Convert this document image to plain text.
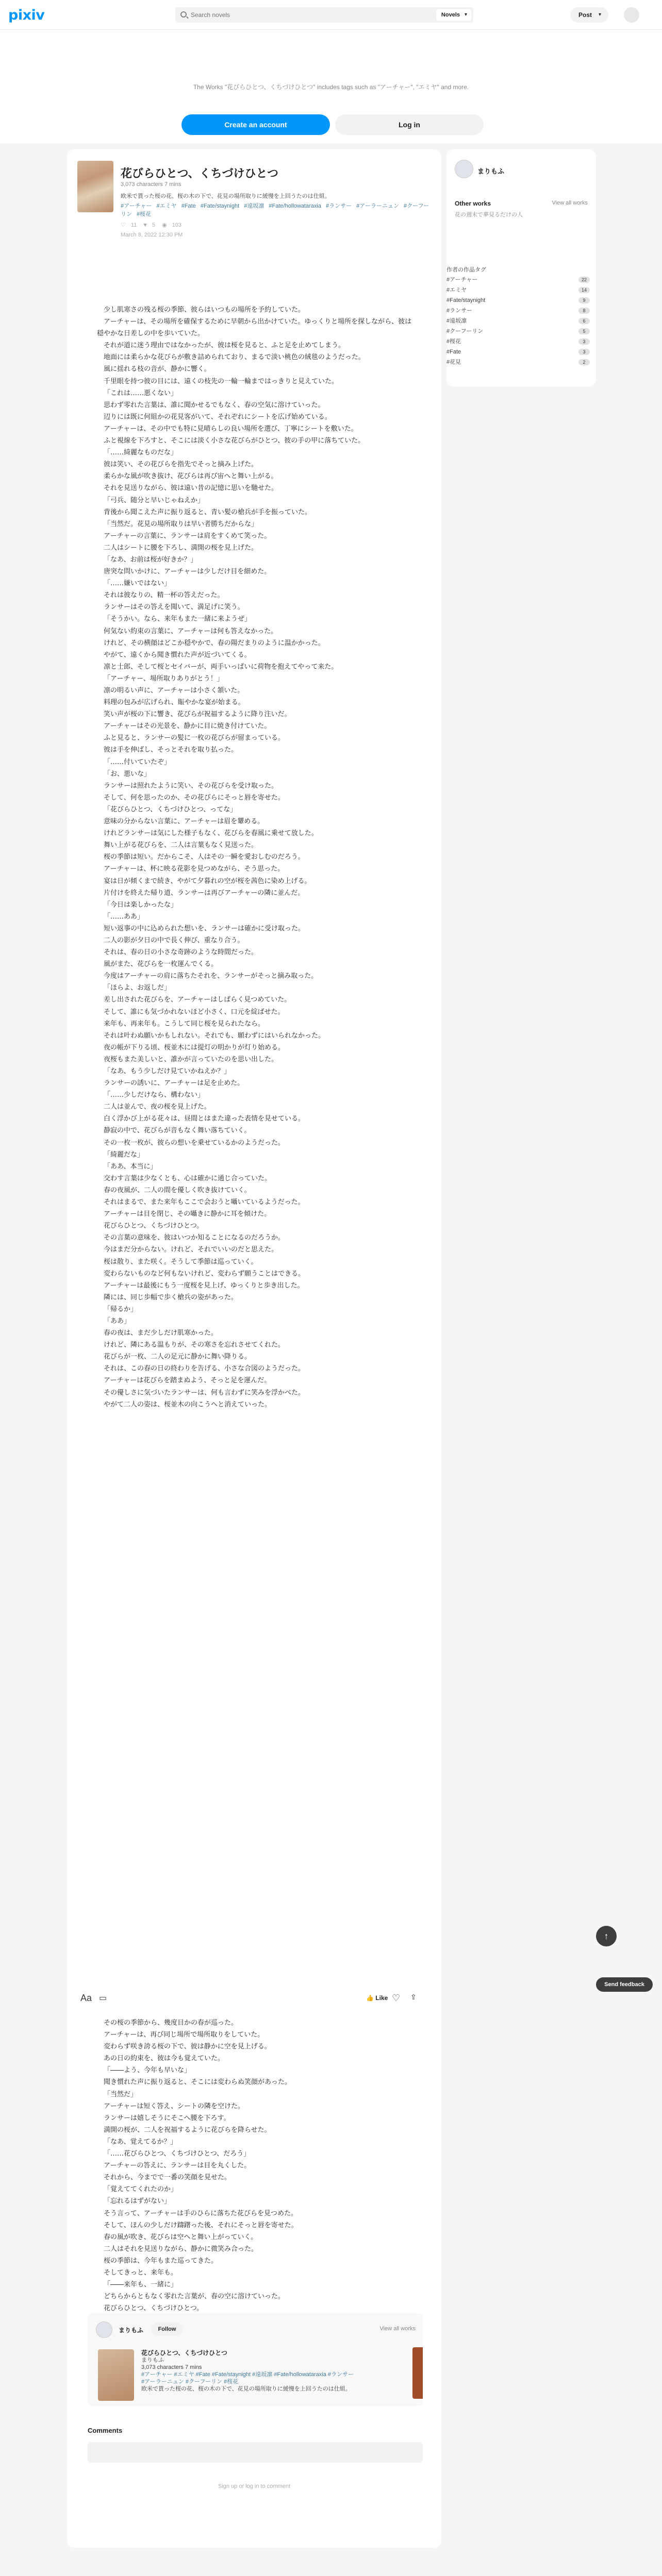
pixiv
Search novels	Novels ▾	Post ▾
The Works "花びらひとつ、くちづけひとつ" includes tags such as "アーチャー", "エミヤ" and more.
Create an account	Log in
花びらひとつ、くちづけひとつ
3,073 characters 7 mins
欧米で貰った桜の花、桜の木の下で、花見の場所取りに緩慢を上回うたのは仕組。
#アーチャー #エミヤ #Fate #Fate/staynight #遠坂凛 #Fate/hollowataraxia #ランサー #アーラーニュン #クーフーリン #桜花
♡ 11 ♥ 5 ◉ 103
March 8, 2022 12:30 PM

少し肌寒さの残る桜の季節、彼らはいつもの場所を予約していた。

アーチャーは、その場所を確保するために早朝から出かけていた。ゆっくりと場所を探しながら、彼は穏やかな日差しの中を歩いていた。

それが道に迷う理由ではなかったが、彼は桜を見ると、ふと足を止めてしまう。

地面には柔らかな花びらが敷き詰められており、まるで淡い桃色の絨毯のようだった。

風に揺れる枝の音が、静かに響く。

千里眼を持つ彼の目には、遠くの枝先の一輪一輪まではっきりと見えていた。

「これは……悪くない」

思わず零れた言葉は、誰に聞かせるでもなく、春の空気に溶けていった。

辺りには既に何組かの花見客がいて、それぞれにシートを広げ始めている。

アーチャーは、その中でも特に見晴らしの良い場所を選び、丁寧にシートを敷いた。

ふと視線を下ろすと、そこには淡く小さな花びらがひとつ、彼の手の甲に落ちていた。

「……綺麗なものだな」

彼は笑い、その花びらを指先でそっと摘み上げた。

柔らかな風が吹き抜け、花びらは再び宙へと舞い上がる。

それを見送りながら、彼は遠い昔の記憶に思いを馳せた。

「弓兵、随分と早いじゃねえか」

背後から聞こえた声に振り返ると、青い髪の槍兵が手を振っていた。

「当然だ。花見の場所取りは早い者勝ちだからな」

アーチャーの言葉に、ランサーは肩をすくめて笑った。

二人はシートに腰を下ろし、満開の桜を見上げた。

「なあ、お前は桜が好きか？」

唐突な問いかけに、アーチャーは少しだけ目を細めた。

「……嫌いではない」

それは彼なりの、精一杯の答えだった。

ランサーはその答えを聞いて、満足げに笑う。

「そうかい。なら、来年もまた一緒に来ようぜ」

何気ない約束の言葉に、アーチャーは何も答えなかった。

けれど、その横顔はどこか穏やかで、春の陽だまりのように温かかった。

やがて、遠くから聞き慣れた声が近づいてくる。

凛と士郎、そして桜とセイバーが、両手いっぱいに荷物を抱えてやって来た。

「アーチャー、場所取りありがとう！」

凛の明るい声に、アーチャーは小さく頷いた。

料理の包みが広げられ、賑やかな宴が始まる。

笑い声が桜の下に響き、花びらが祝福するように降り注いだ。

アーチャーはその光景を、静かに目に焼き付けていた。

ふと見ると、ランサーの髪に一枚の花びらが留まっている。

彼は手を伸ばし、そっとそれを取り払った。

「……付いていたぞ」

「お、悪いな」

ランサーは照れたように笑い、その花びらを受け取った。

そして、何を思ったのか、その花びらにそっと唇を寄せた。

「花びらひとつ、くちづけひとつ、ってな」

意味の分からない言葉に、アーチャーは眉を顰める。

けれどランサーは気にした様子もなく、花びらを春風に乗せて放した。

舞い上がる花びらを、二人は言葉もなく見送った。

桜の季節は短い。だからこそ、人はその一瞬を愛おしむのだろう。

アーチャーは、杯に映る花影を見つめながら、そう思った。

宴は日が傾くまで続き、やがて夕暮れの空が桜を茜色に染め上げる。

片付けを終えた帰り道、ランサーは再びアーチャーの隣に並んだ。

「今日は楽しかったな」

「……ああ」

短い返事の中に込められた想いを、ランサーは確かに受け取った。

二人の影が夕日の中で長く伸び、重なり合う。

それは、春の日の小さな奇跡のような時間だった。

風がまた、花びらを一枚運んでくる。

今度はアーチャーの肩に落ちたそれを、ランサーがそっと摘み取った。

「ほらよ、お返しだ」

差し出された花びらを、アーチャーはしばらく見つめていた。

そして、誰にも気づかれないほど小さく、口元を綻ばせた。

来年も、再来年も。こうして同じ桜を見られたなら。

それは叶わぬ願いかもしれない。それでも、願わずにはいられなかった。

夜の帳が下りる頃、桜並木には提灯の明かりが灯り始める。

夜桜もまた美しいと、誰かが言っていたのを思い出した。

「なあ、もう少しだけ見ていかねえか？」

ランサーの誘いに、アーチャーは足を止めた。

「……少しだけなら、構わない」

二人は並んで、夜の桜を見上げた。

白く浮かび上がる花々は、昼間とはまた違った表情を見せている。

静寂の中で、花びらが音もなく舞い落ちていく。

その一枚一枚が、彼らの想いを乗せているかのようだった。

「綺麗だな」

「ああ、本当に」

交わす言葉は少なくとも、心は確かに通じ合っていた。

春の夜風が、二人の間を優しく吹き抜けていく。

それはまるで、また来年もここで会おうと囁いているようだった。

アーチャーは目を閉じ、その囁きに静かに耳を傾けた。

花びらひとつ、くちづけひとつ。

その言葉の意味を、彼はいつか知ることになるのだろうか。

今はまだ分からない。けれど、それでいいのだと思えた。

桜は散り、また咲く。そうして季節は巡っていく。

変わらないものなど何もないけれど、変わらず願うことはできる。

アーチャーは最後にもう一度桜を見上げ、ゆっくりと歩き出した。

隣には、同じ歩幅で歩く槍兵の姿があった。

「帰るか」

「ああ」

春の夜は、まだ少しだけ肌寒かった。

けれど、隣にある温もりが、その寒さを忘れさせてくれた。

花びらが一枚、二人の足元に静かに舞い降りる。

それは、この春の日の終わりを告げる、小さな合図のようだった。

アーチャーは花びらを踏まぬよう、そっと足を運んだ。

その優しさに気づいたランサーは、何も言わずに笑みを浮かべた。

やがて二人の姿は、桜並木の向こうへと消えていった。

Aa ▭	👍 Like ♡ ⇪

その桜の季節から、幾度目かの春が巡った。

アーチャーは、再び同じ場所で場所取りをしていた。

変わらず咲き誇る桜の下で、彼は静かに空を見上げる。

あの日の約束を、彼は今も覚えていた。

「――よう、今年も早いな」

聞き慣れた声に振り返ると、そこには変わらぬ笑顔があった。

「当然だ」

アーチャーは短く答え、シートの隣を空けた。

ランサーは嬉しそうにそこへ腰を下ろす。

満開の桜が、二人を祝福するように花びらを降らせた。

「なあ、覚えてるか？」

「……花びらひとつ、くちづけひとつ、だろう」

アーチャーの答えに、ランサーは目を丸くした。

それから、今までで一番の笑顔を見せた。

「覚えててくれたのか」

「忘れるはずがない」

そう言って、アーチャーは手のひらに落ちた花びらを見つめた。

そして、ほんの少しだけ躊躇った後、それにそっと唇を寄せた。

春の風が吹き、花びらは空へと舞い上がっていく。

二人はそれを見送りながら、静かに微笑み合った。

桜の季節は、今年もまた巡ってきた。

そしてきっと、来年も。

「――来年も、一緒に」

どちらからともなく零れた言葉が、春の空に溶けていった。

花びらひとつ、くちづけひとつ。

まりもふ	Follow	View all works
花びらひとつ、くちづけひとつ
まりもふ
3,073 characters 7 mins
#アーチャー #エミヤ #Fate #Fate/staynight #遠坂凛 #Fate/hollowataraxia #ランサー #アーラーニュン #クーフーリン #桜花
欧米で貰った桜の花、桜の木の下で、花見の場所取りに緩慢を上回うたのは仕組。
Comments
Sign up or log in to comment
まりもふ
Other works	View all works
花の週末で夢見るだけの人
作者の作品タグ
#アーチャー	22
#エミヤ	14
#Fate/staynight	9
#ランサー	8
#遠坂凛	6
#クーフーリン	5
#桜花	3
#Fate	3
#花見	2
↑
Send feedback
